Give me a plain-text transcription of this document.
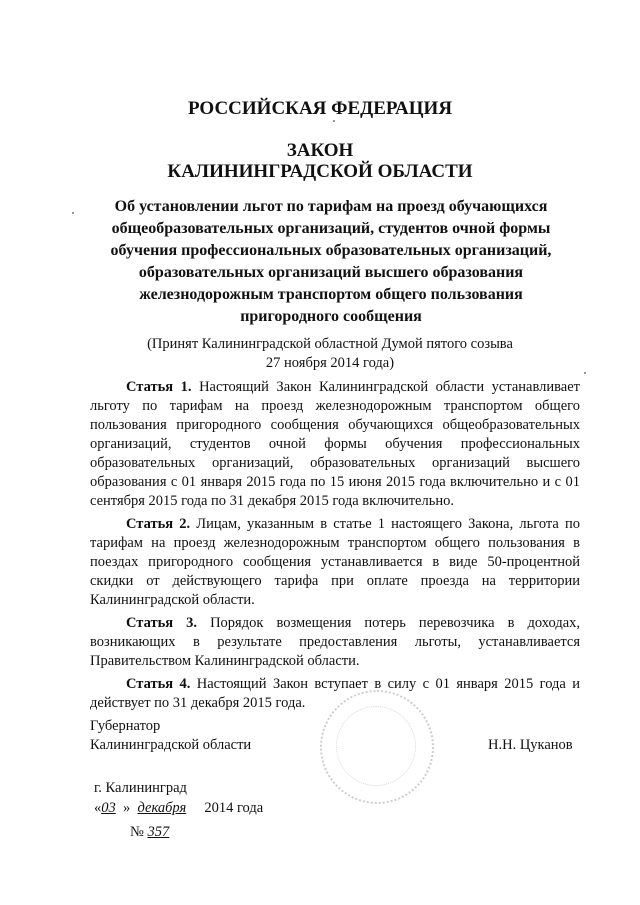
РОССИЙСКАЯ ФЕДЕРАЦИЯ
ЗАКОН
КАЛИНИНГРАДСКОЙ ОБЛАСТИ
Об установлении льгот по тарифам на проезд обучающихся
общеобразовательных организаций, студентов очной формы
обучения профессиональных образовательных организаций,
образовательных организаций высшего образования
железнодорожным транспортом общего пользования
пригородного сообщения
(Принят Калининградской областной Думой пятого созыва
27 ноября 2014 года)

Статья 1. Настоящий Закон Калининградской области устанавливает льготу по тарифам на проезд железнодорожным транспортом общего пользования пригородного сообщения обучающихся общеобразовательных организаций, студентов очной формы обучения профессиональных образовательных организаций, образовательных организаций высшего образования с 01 января 2015 года по 15 июня 2015 года включительно и с 01 сентября 2015 года по 31 декабря 2015 года включительно.

Статья 2. Лицам, указанным в статье 1 настоящего Закона, льгота по тарифам на проезд железнодорожным транспортом общего пользования в поездах пригородного сообщения устанавливается в виде 50-процентной скидки от действующего тарифа при оплате проезда на территории Калининградской области.

Статья 3. Порядок возмещения потерь перевозчика в доходах, возникающих в результате предоставления льготы, устанавливается Правительством Калининградской области.

Статья 4. Настоящий Закон вступает в силу с 01 января 2015 года и действует по 31 декабря 2015 года.

Губернатор
Калининградской области	Н.Н. Цуканов
г. Калининград
«03 » декабря 2014 года
№ 357
